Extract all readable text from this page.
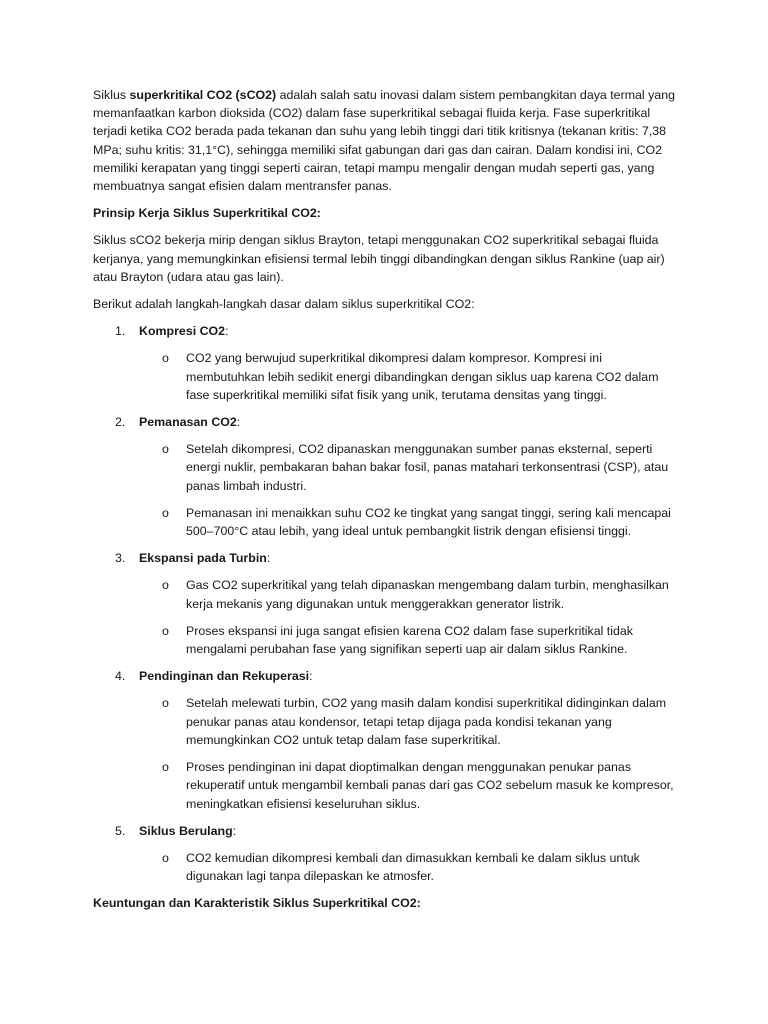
Siklus superkritikal CO2 (sCO2) adalah salah satu inovasi dalam sistem pembangkitan daya termal yang memanfaatkan karbon dioksida (CO2) dalam fase superkritikal sebagai fluida kerja. Fase superkritikal terjadi ketika CO2 berada pada tekanan dan suhu yang lebih tinggi dari titik kritisnya (tekanan kritis: 7,38 MPa; suhu kritis: 31,1°C), sehingga memiliki sifat gabungan dari gas dan cairan. Dalam kondisi ini, CO2 memiliki kerapatan yang tinggi seperti cairan, tetapi mampu mengalir dengan mudah seperti gas, yang membuatnya sangat efisien dalam mentransfer panas.

Prinsip Kerja Siklus Superkritikal CO2:

Siklus sCO2 bekerja mirip dengan siklus Brayton, tetapi menggunakan CO2 superkritikal sebagai fluida kerjanya, yang memungkinkan efisiensi termal lebih tinggi dibandingkan dengan siklus Rankine (uap air) atau Brayton (udara atau gas lain).

Berikut adalah langkah-langkah dasar dalam siklus superkritikal CO2:

1. Kompresi CO2:
o CO2 yang berwujud superkritikal dikompresi dalam kompresor. Kompresi ini membutuhkan lebih sedikit energi dibandingkan dengan siklus uap karena CO2 dalam fase superkritikal memiliki sifat fisik yang unik, terutama densitas yang tinggi.
2. Pemanasan CO2:
o Setelah dikompresi, CO2 dipanaskan menggunakan sumber panas eksternal, seperti energi nuklir, pembakaran bahan bakar fosil, panas matahari terkonsentrasi (CSP), atau panas limbah industri.
o Pemanasan ini menaikkan suhu CO2 ke tingkat yang sangat tinggi, sering kali mencapai 500–700°C atau lebih, yang ideal untuk pembangkit listrik dengan efisiensi tinggi.
3. Ekspansi pada Turbin:
o Gas CO2 superkritikal yang telah dipanaskan mengembang dalam turbin, menghasilkan kerja mekanis yang digunakan untuk menggerakkan generator listrik.
o Proses ekspansi ini juga sangat efisien karena CO2 dalam fase superkritikal tidak mengalami perubahan fase yang signifikan seperti uap air dalam siklus Rankine.
4. Pendinginan dan Rekuperasi:
o Setelah melewati turbin, CO2 yang masih dalam kondisi superkritikal didinginkan dalam penukar panas atau kondensor, tetapi tetap dijaga pada kondisi tekanan yang memungkinkan CO2 untuk tetap dalam fase superkritikal.
o Proses pendinginan ini dapat dioptimalkan dengan menggunakan penukar panas rekuperatif untuk mengambil kembali panas dari gas CO2 sebelum masuk ke kompresor, meningkatkan efisiensi keseluruhan siklus.
5. Siklus Berulang:
o CO2 kemudian dikompresi kembali dan dimasukkan kembali ke dalam siklus untuk digunakan lagi tanpa dilepaskan ke atmosfer.

Keuntungan dan Karakteristik Siklus Superkritikal CO2:
